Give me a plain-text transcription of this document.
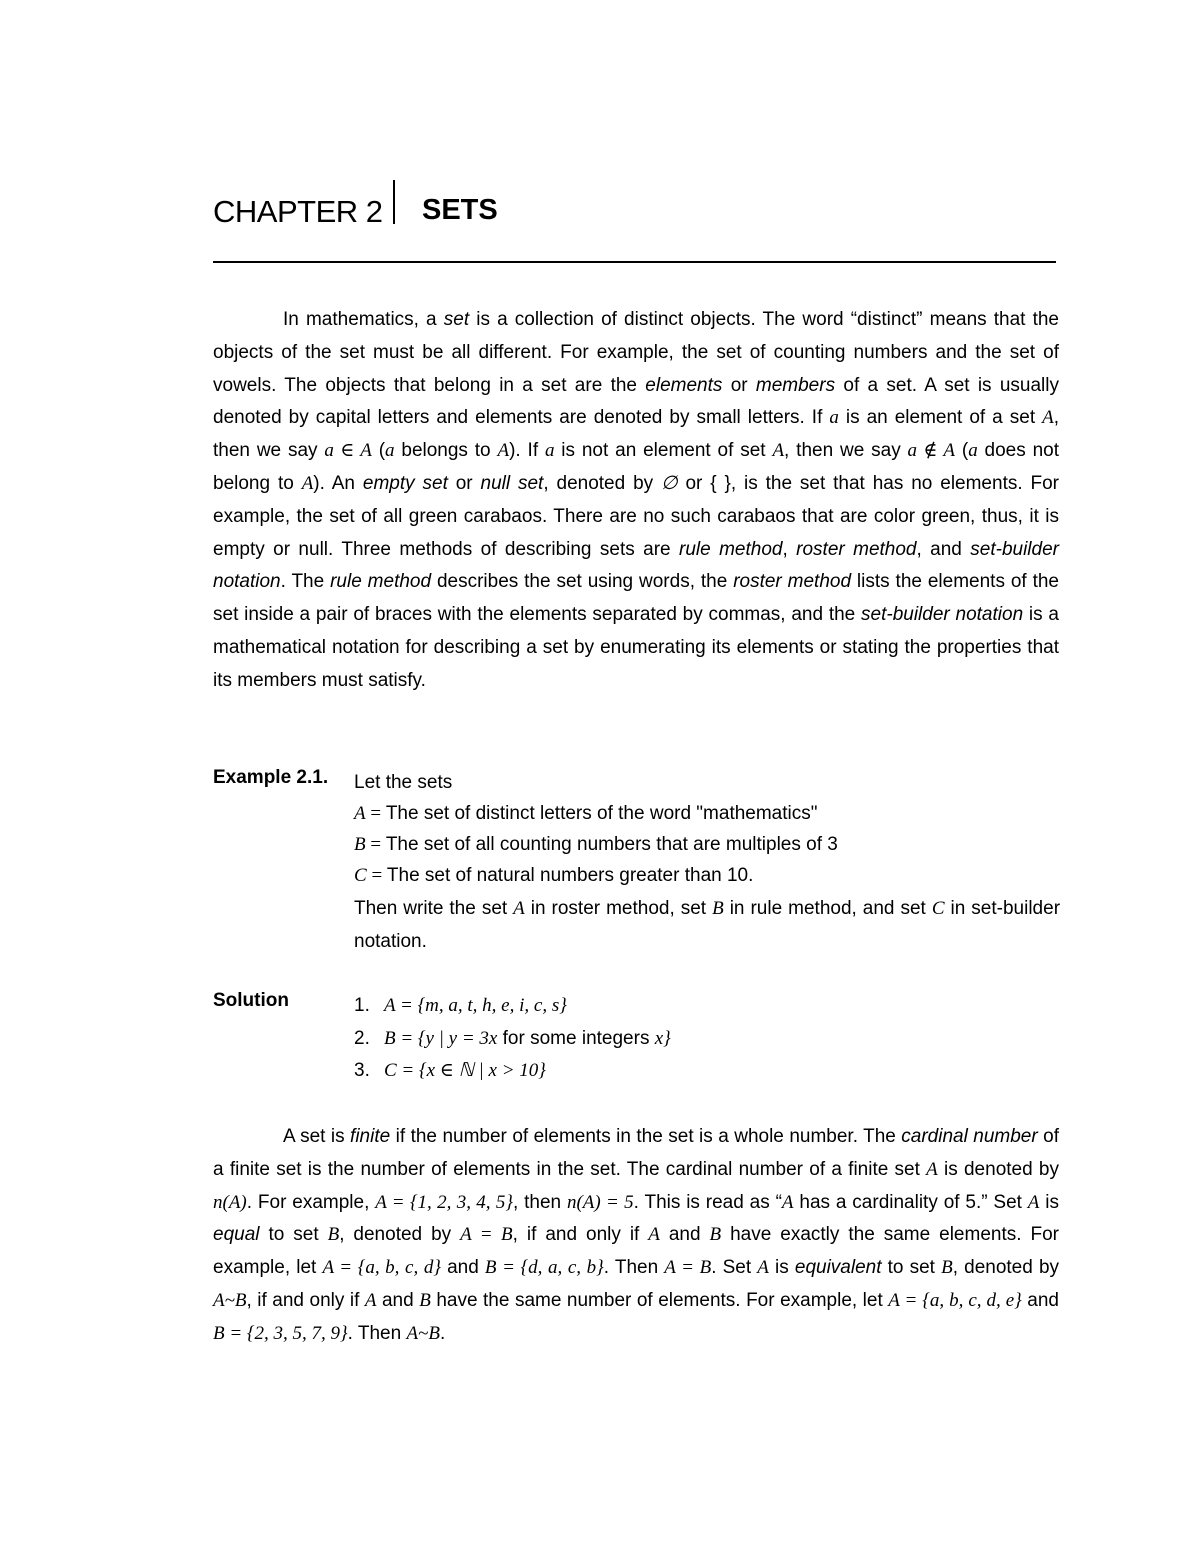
CHAPTER 2 SETS
In mathematics, a set is a collection of distinct objects. The word “distinct” means that the objects of the set must be all different. For example, the set of counting numbers and the set of vowels. The objects that belong in a set are the elements or members of a set. A set is usually denoted by capital letters and elements are denoted by small letters. If a is an element of a set A, then we say a ∈ A (a belongs to A). If a is not an element of set A, then we say a ∉ A (a does not belong to A). An empty set or null set, denoted by ∅ or { }, is the set that has no elements. For example, the set of all green carabaos. There are no such carabaos that are color green, thus, it is empty or null. Three methods of describing sets are rule method, roster method, and set-builder notation. The rule method describes the set using words, the roster method lists the elements of the set inside a pair of braces with the elements separated by commas, and the set-builder notation is a mathematical notation for describing a set by enumerating its elements or stating the properties that its members must satisfy.
Example 2.1. Let the sets
A = The set of distinct letters of the word "mathematics"
B = The set of all counting numbers that are multiples of 3
C = The set of natural numbers greater than 10.
Then write the set A in roster method, set B in rule method, and set C in set-builder notation.
Solution	1. A = {m, a, t, h, e, i, c, s}
2. B = {y | y = 3x for some integers x}
3. C = {x ∈ ℕ | x > 10}
A set is finite if the number of elements in the set is a whole number. The cardinal number of a finite set is the number of elements in the set. The cardinal number of a finite set A is denoted by n(A). For example, A = {1, 2, 3, 4, 5}, then n(A) = 5. This is read as “A has a cardinality of 5.” Set A is equal to set B, denoted by A = B, if and only if A and B have exactly the same elements. For example, let A = {a, b, c, d} and B = {d, a, c, b}. Then A = B. Set A is equivalent to set B, denoted by A~B, if and only if A and B have the same number of elements. For example, let A = {a, b, c, d, e} and B = {2, 3, 5, 7, 9}. Then A~B.
